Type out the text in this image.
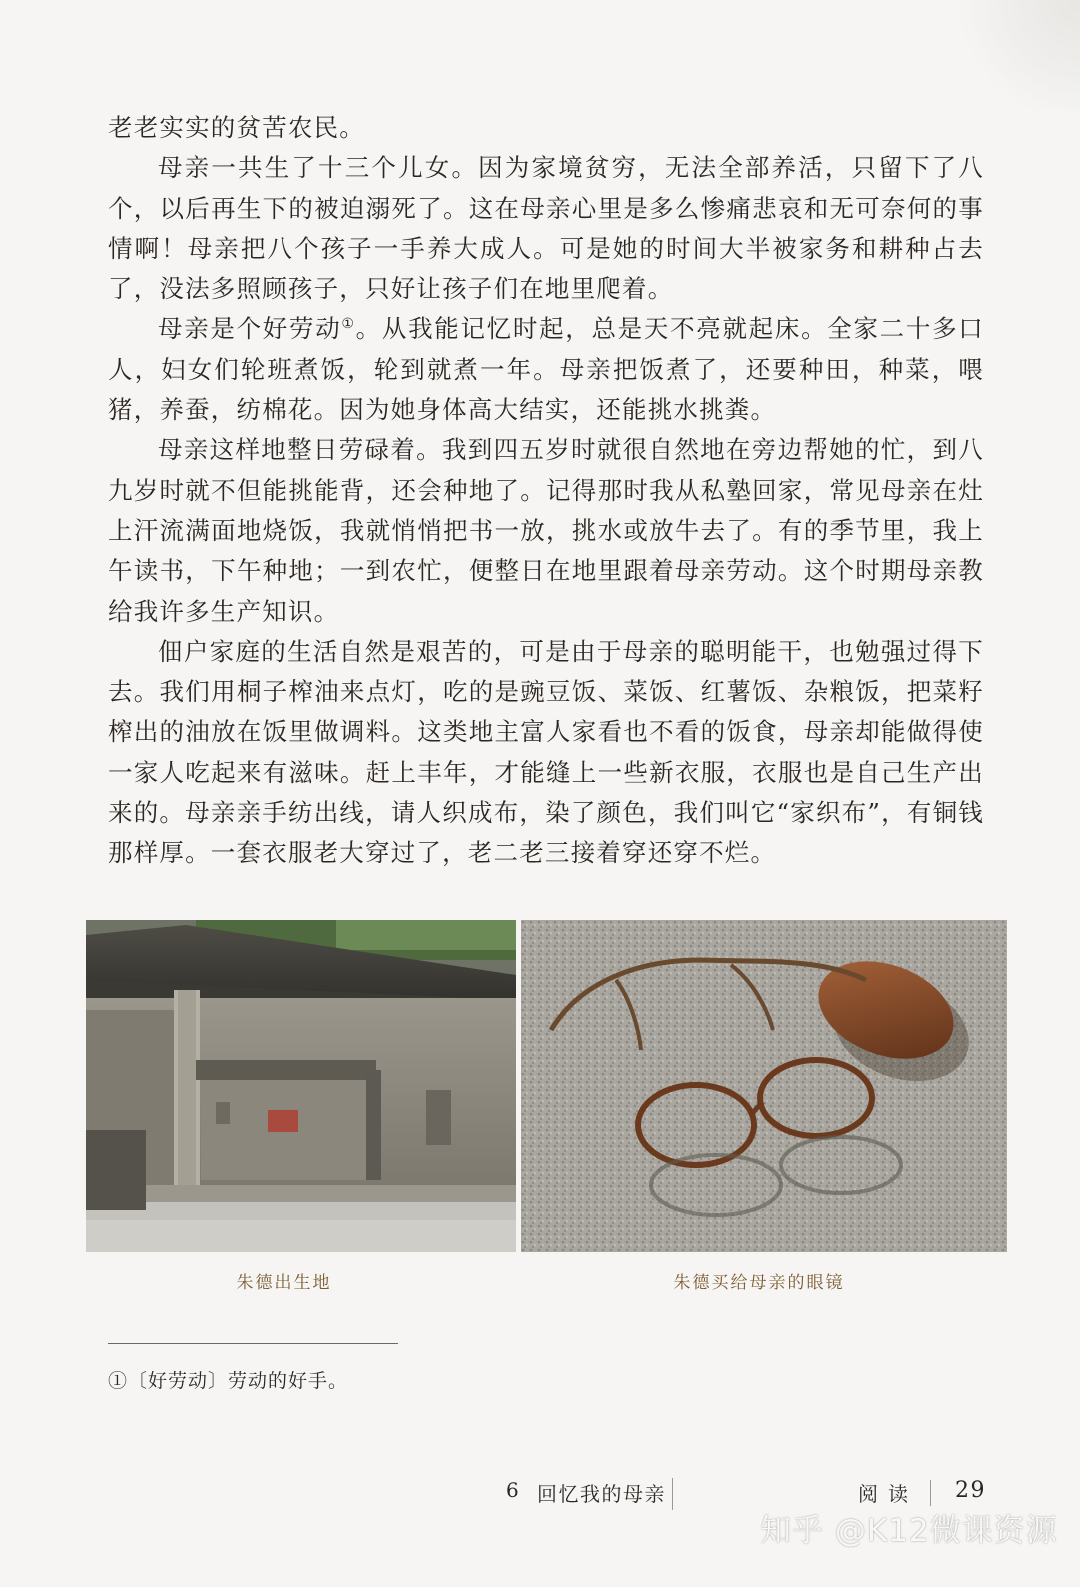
老老实实的贫苦农民。

母亲一共生了十三个儿女。因为家境贫穷，无法全部养活，只留下了八个，以后再生下的被迫溺死了。这在母亲心里是多么惨痛悲哀和无可奈何的事情啊！母亲把八个孩子一手养大成人。可是她的时间大半被家务和耕种占去了，没法多照顾孩子，只好让孩子们在地里爬着。

母亲是个好劳动①。从我能记忆时起，总是天不亮就起床。全家二十多口人，妇女们轮班煮饭，轮到就煮一年。母亲把饭煮了，还要种田，种菜，喂猪，养蚕，纺棉花。因为她身体高大结实，还能挑水挑粪。

母亲这样地整日劳碌着。我到四五岁时就很自然地在旁边帮她的忙，到八九岁时就不但能挑能背，还会种地了。记得那时我从私塾回家，常见母亲在灶上汗流满面地烧饭，我就悄悄把书一放，挑水或放牛去了。有的季节里，我上午读书，下午种地；一到农忙，便整日在地里跟着母亲劳动。这个时期母亲教给我许多生产知识。

佃户家庭的生活自然是艰苦的，可是由于母亲的聪明能干，也勉强过得下去。我们用桐子榨油来点灯，吃的是豌豆饭、菜饭、红薯饭、杂粮饭，把菜籽榨出的油放在饭里做调料。这类地主富人家看也不看的饭食，母亲却能做得使一家人吃起来有滋味。赶上丰年，才能缝上一些新衣服，衣服也是自己生产出来的。母亲亲手纺出线，请人织成布，染了颜色，我们叫它“家织布”，有铜钱那样厚。一套衣服老大穿过了，老二老三接着穿还穿不烂。

朱德出生地	朱德买给母亲的眼镜
①〔好劳动〕劳动的好手。
6 回忆我的母亲	阅读 29
知乎 @K12微课资源
